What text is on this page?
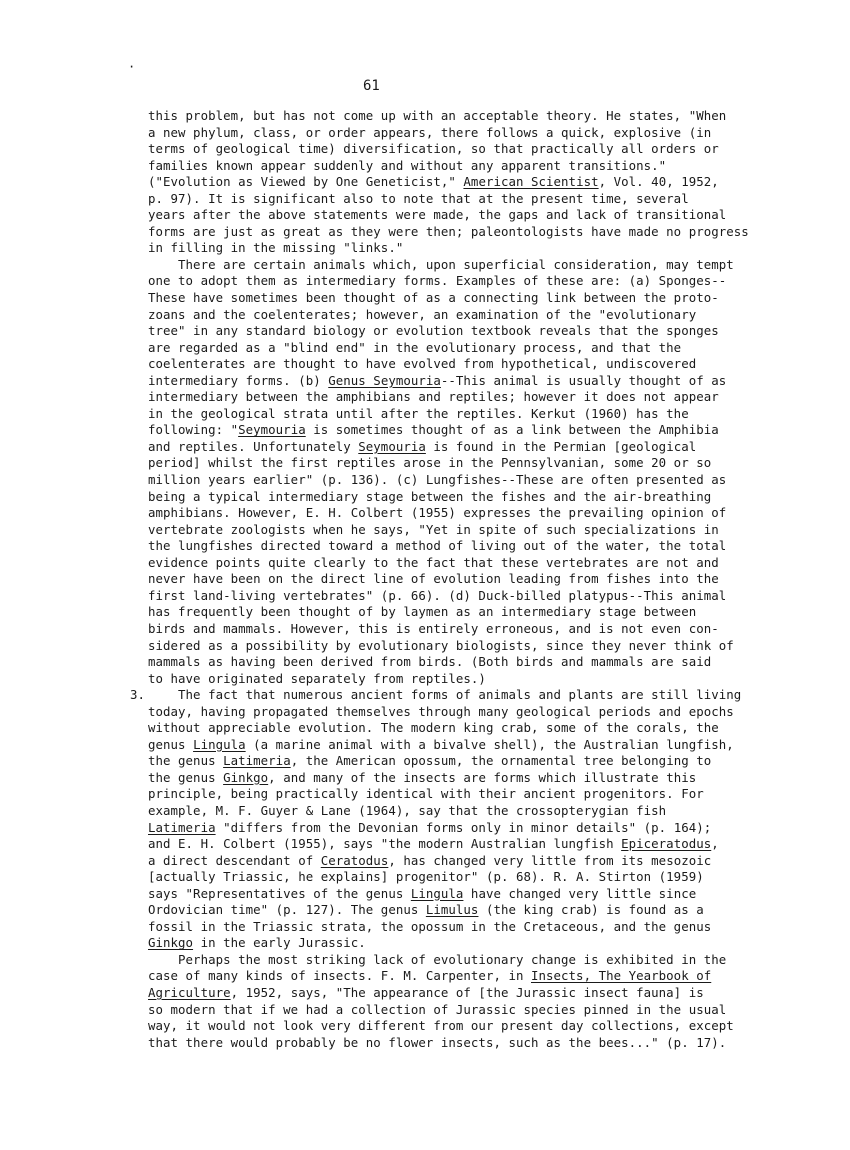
·
61
3.
this problem, but has not come up with an acceptable theory. He states, "When
a new phylum, class, or order appears, there follows a quick, explosive (in
terms of geological time) diversification, so that practically all orders or
families known appear suddenly and without any apparent transitions."
("Evolution as Viewed by One Geneticist," American Scientist, Vol. 40, 1952,
p. 97). It is significant also to note that at the present time, several
years after the above statements were made, the gaps and lack of transitional
forms are just as great as they were then; paleontologists have made no progress
in filling in the missing "links."
There are certain animals which, upon superficial consideration, may tempt
one to adopt them as intermediary forms. Examples of these are: (a) Sponges--
These have sometimes been thought of as a connecting link between the proto-
zoans and the coelenterates; however, an examination of the "evolutionary
tree" in any standard biology or evolution textbook reveals that the sponges
are regarded as a "blind end" in the evolutionary process, and that the
coelenterates are thought to have evolved from hypothetical, undiscovered
intermediary forms. (b) Genus Seymouria--This animal is usually thought of as
intermediary between the amphibians and reptiles; however it does not appear
in the geological strata until after the reptiles. Kerkut (1960) has the
following: "Seymouria is sometimes thought of as a link between the Amphibia
and reptiles. Unfortunately Seymouria is found in the Permian [geological
period] whilst the first reptiles arose in the Pennsylvanian, some 20 or so
million years earlier" (p. 136). (c) Lungfishes--These are often presented as
being a typical intermediary stage between the fishes and the air-breathing
amphibians. However, E. H. Colbert (1955) expresses the prevailing opinion of
vertebrate zoologists when he says, "Yet in spite of such specializations in
the lungfishes directed toward a method of living out of the water, the total
evidence points quite clearly to the fact that these vertebrates are not and
never have been on the direct line of evolution leading from fishes into the
first land-living vertebrates" (p. 66). (d) Duck-billed platypus--This animal
has frequently been thought of by laymen as an intermediary stage between
birds and mammals. However, this is entirely erroneous, and is not even con-
sidered as a possibility by evolutionary biologists, since they never think of
mammals as having been derived from birds. (Both birds and mammals are said
to have originated separately from reptiles.)
The fact that numerous ancient forms of animals and plants are still living
today, having propagated themselves through many geological periods and epochs
without appreciable evolution. The modern king crab, some of the corals, the
genus Lingula (a marine animal with a bivalve shell), the Australian lungfish,
the genus Latimeria, the American opossum, the ornamental tree belonging to
the genus Ginkgo, and many of the insects are forms which illustrate this
principle, being practically identical with their ancient progenitors. For
example, M. F. Guyer & Lane (1964), say that the crossopterygian fish
Latimeria "differs from the Devonian forms only in minor details" (p. 164);
and E. H. Colbert (1955), says "the modern Australian lungfish Epiceratodus,
a direct descendant of Ceratodus, has changed very little from its mesozoic
[actually Triassic, he explains] progenitor" (p. 68). R. A. Stirton (1959)
says "Representatives of the genus Lingula have changed very little since
Ordovician time" (p. 127). The genus Limulus (the king crab) is found as a
fossil in the Triassic strata, the opossum in the Cretaceous, and the genus
Ginkgo in the early Jurassic.
Perhaps the most striking lack of evolutionary change is exhibited in the
case of many kinds of insects. F. M. Carpenter, in Insects, The Yearbook of
Agriculture, 1952, says, "The appearance of [the Jurassic insect fauna] is
so modern that if we had a collection of Jurassic species pinned in the usual
way, it would not look very different from our present day collections, except
that there would probably be no flower insects, such as the bees..." (p. 17).
